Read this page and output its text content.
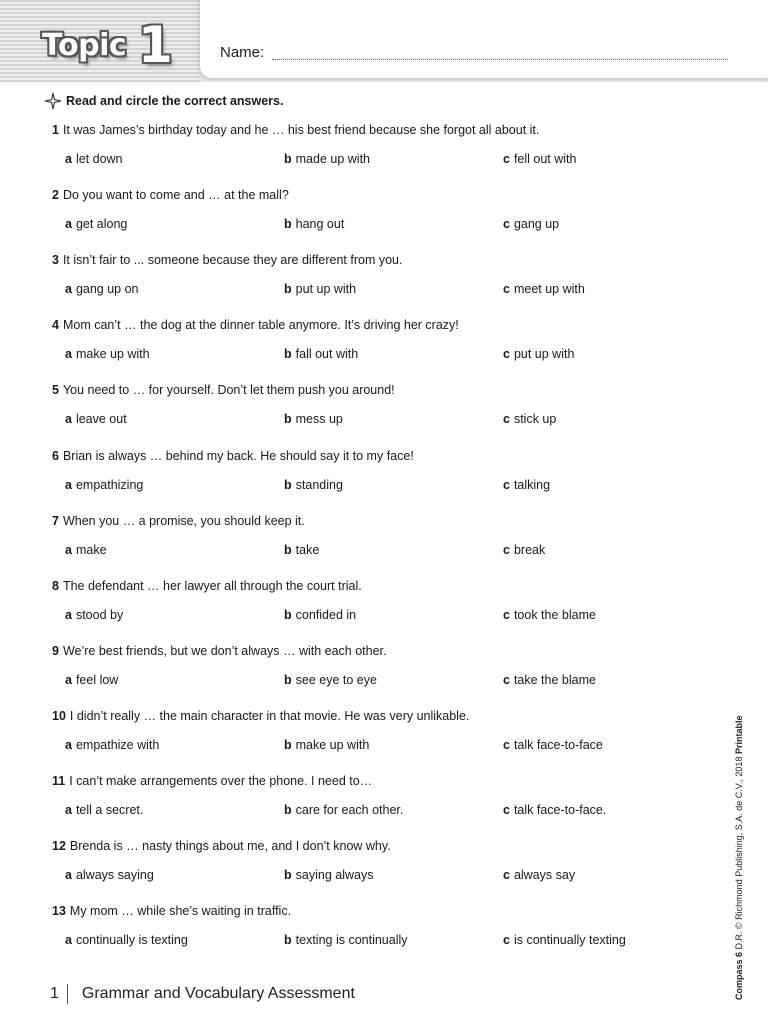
Topic 1	Name:
Read and circle the correct answers.
1 It was James’s birthday today and he … his best friend because she forgot all about it.
a let down	b made up with	c fell out with
2 Do you want to come and … at the mall?
a get along	b hang out	c gang up
3 It isn’t fair to ... someone because they are different from you.
a gang up on	b put up with	c meet up with
4 Mom can’t … the dog at the dinner table anymore. It’s driving her crazy!
a make up with	b fall out with	c put up with
5 You need to … for yourself. Don’t let them push you around!
a leave out	b mess up	c stick up
6 Brian is always … behind my back. He should say it to my face!
a empathizing	b standing	c talking
7 When you … a promise, you should keep it.
a make	b take	c break
8 The defendant … her lawyer all through the court trial.
a stood by	b confided in	c took the blame
9 We’re best friends, but we don’t always … with each other.
a feel low	b see eye to eye	c take the blame
10 I didn’t really … the main character in that movie. He was very unlikable.
a empathize with	b make up with	c talk face-to-face
11 I can’t make arrangements over the phone. I need to…
a tell a secret.	b care for each other.	c talk face-to-face.
12 Brenda is … nasty things about me, and I don’t know why.
a always saying	b saying always	c always say
13 My mom … while she’s waiting in traffic.
a continually is texting	b texting is continually	c is continually texting
Compass 6 D.R. © Richmond Publishing, S.A. de C.V., 2018 Printable
1 Grammar and Vocabulary Assessment
